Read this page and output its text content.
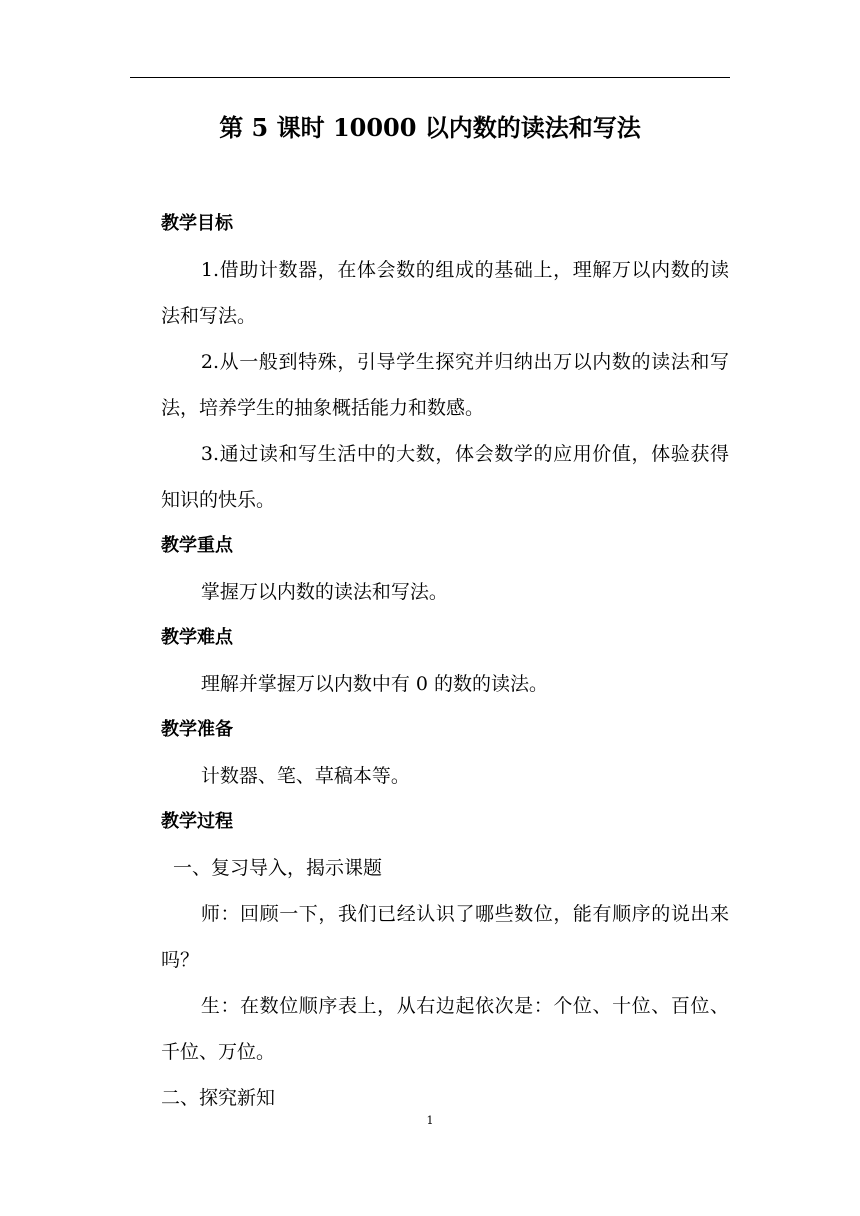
第 5 课时 10000 以内数的读法和写法

教学目标

1.借助计数器，在体会数的组成的基础上，理解万以内数的读法和写法。

2.从一般到特殊，引导学生探究并归纳出万以内数的读法和写法，培养学生的抽象概括能力和数感。

3.通过读和写生活中的大数，体会数学的应用价值，体验获得知识的快乐。

教学重点

掌握万以内数的读法和写法。

教学难点

理解并掌握万以内数中有 0 的数的读法。

教学准备

计数器、笔、草稿本等。

教学过程

一、复习导入，揭示课题

师：回顾一下，我们已经认识了哪些数位，能有顺序的说出来吗？

生：在数位顺序表上，从右边起依次是：个位、十位、百位、千位、万位。

二、探究新知

1
